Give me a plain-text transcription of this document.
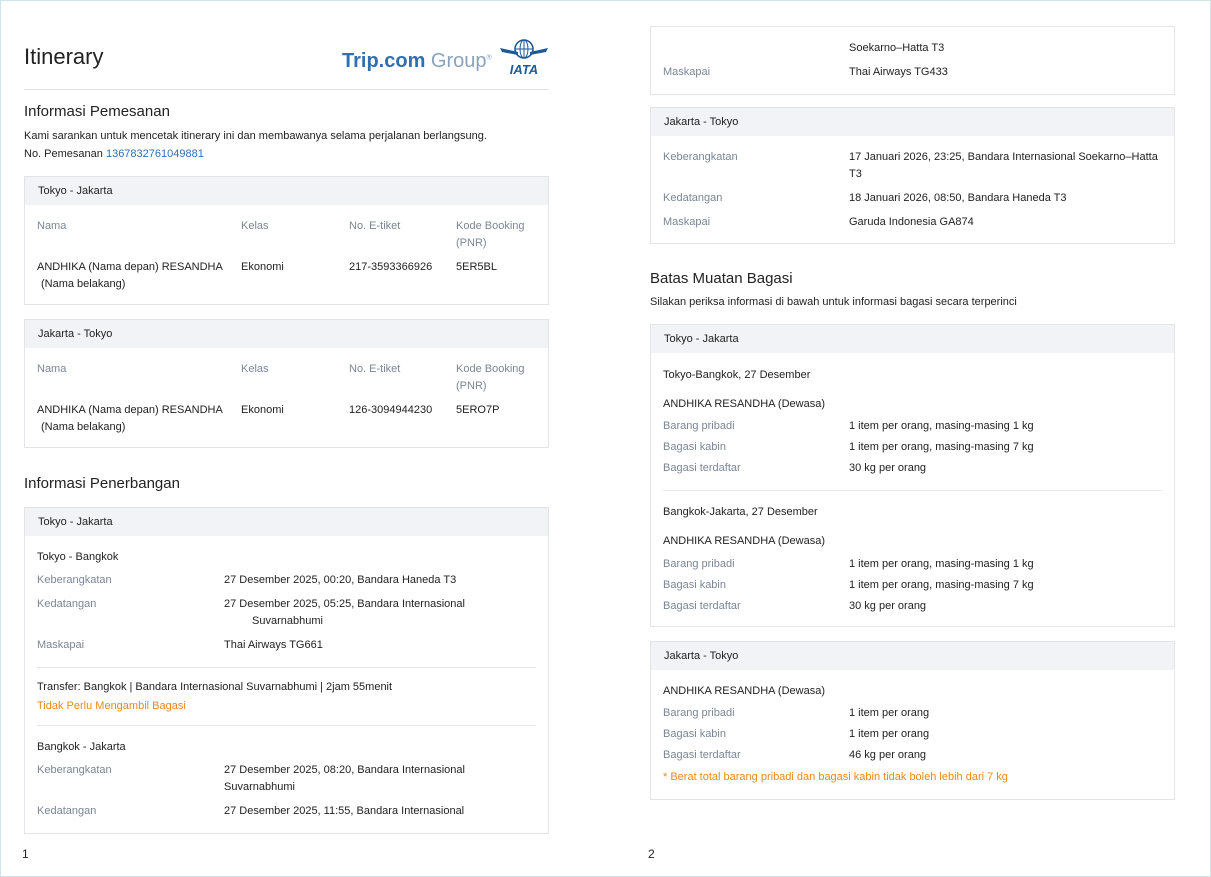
Itinerary	Trip.com Group®
IATA
Informasi Pemesanan
Kami sarankan untuk mencetak itinerary ini dan membawanya selama perjalanan berlangsung.
No. Pemesanan 1367832761049881
Tokyo - Jakarta
Nama	Kelas	No. E-tiket	Kode Booking
(PNR)
ANDHIKA (Nama depan) RESANDHA
(Nama belakang)
Ekonomi	217-3593366926 5ER5BL
Jakarta - Tokyo
Nama	Kelas	No. E-tiket	Kode Booking
(PNR)
ANDHIKA (Nama depan) RESANDHA
(Nama belakang)
Ekonomi	126-3094944230 5ERO7P
Informasi Penerbangan
Tokyo - Jakarta
Tokyo - Bangkok
Keberangkatan	27 Desember 2025, 00:20, Bandara Haneda T3
Kedatangan	27 Desember 2025, 05:25, Bandara Internasional
Suvarnabhumi
Maskapai	Thai Airways TG661
Transfer: Bangkok | Bandara Internasional Suvarnabhumi | 2jam 55menit
Tidak Perlu Mengambil Bagasi
Bangkok - Jakarta
Keberangkatan	27 Desember 2025, 08:20, Bandara Internasional
Suvarnabhumi
Kedatangan	27 Desember 2025, 11:55, Bandara Internasional
1
Soekarno–Hatta T3
Maskapai	Thai Airways TG433
Jakarta - Tokyo
Keberangkatan	17 Januari 2026, 23:25, Bandara Internasional Soekarno–Hatta
T3
Kedatangan	18 Januari 2026, 08:50, Bandara Haneda T3
Maskapai	Garuda Indonesia GA874
Batas Muatan Bagasi
Silakan periksa informasi di bawah untuk informasi bagasi secara terperinci
Tokyo - Jakarta
Tokyo-Bangkok, 27 Desember
ANDHIKA RESANDHA (Dewasa)
Barang pribadi	1 item per orang, masing-masing 1 kg
Bagasi kabin	1 item per orang, masing-masing 7 kg
Bagasi terdaftar	30 kg per orang
Bangkok-Jakarta, 27 Desember
ANDHIKA RESANDHA (Dewasa)
Barang pribadi	1 item per orang, masing-masing 1 kg
Bagasi kabin	1 item per orang, masing-masing 7 kg
Bagasi terdaftar	30 kg per orang
Jakarta - Tokyo
ANDHIKA RESANDHA (Dewasa)
Barang pribadi	1 item per orang
Bagasi kabin	1 item per orang
Bagasi terdaftar	46 kg per orang
* Berat total barang pribadi dan bagasi kabin tidak boleh lebih dari 7 kg
2
